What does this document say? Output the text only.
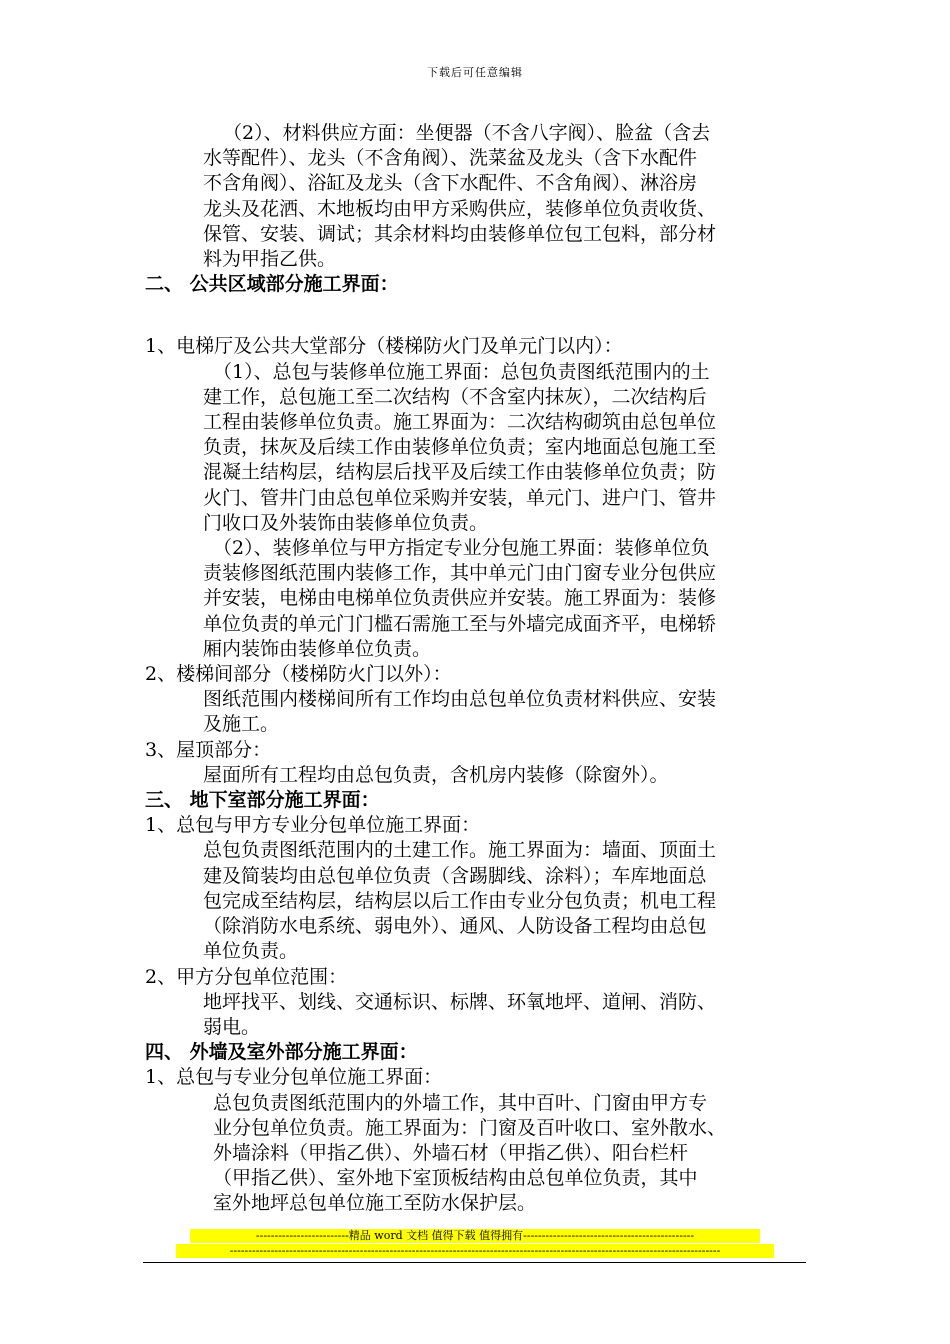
下载后可任意编辑

（2）、材料供应方面：坐便器（不含八字阀）、脸盆（含去

水等配件）、龙头（不含角阀）、洗菜盆及龙头（含下水配件

不含角阀）、浴缸及龙头（含下水配件、不含角阀）、淋浴房

龙头及花洒、木地板均由甲方采购供应，装修单位负责收货、

保管、安装、调试；其余材料均由装修单位包工包料，部分材

料为甲指乙供。

二、 公共区域部分施工界面：

1、电梯厅及公共大堂部分（楼梯防火门及单元门以内）：

（1）、总包与装修单位施工界面：总包负责图纸范围内的土

建工作，总包施工至二次结构（不含室内抹灰），二次结构后

工程由装修单位负责。施工界面为：二次结构砌筑由总包单位

负责，抹灰及后续工作由装修单位负责；室内地面总包施工至

混凝土结构层，结构层后找平及后续工作由装修单位负责；防

火门、管井门由总包单位采购并安装，单元门、进户门、管井

门收口及外装饰由装修单位负责。

（2）、装修单位与甲方指定专业分包施工界面：装修单位负

责装修图纸范围内装修工作，其中单元门由门窗专业分包供应

并安装，电梯由电梯单位负责供应并安装。施工界面为：装修

单位负责的单元门门槛石需施工至与外墙完成面齐平，电梯轿

厢内装饰由装修单位负责。

2、楼梯间部分（楼梯防火门以外）：

图纸范围内楼梯间所有工作均由总包单位负责材料供应、安装

及施工。

3、屋顶部分：

屋面所有工程均由总包负责，含机房内装修（除窗外）。

三、 地下室部分施工界面：

1、总包与甲方专业分包单位施工界面：

总包负责图纸范围内的土建工作。施工界面为：墙面、顶面土

建及简装均由总包单位负责（含踢脚线、涂料）；车库地面总

包完成至结构层，结构层以后工作由专业分包负责；机电工程

（除消防水电系统、弱电外）、通风、人防设备工程均由总包

单位负责。

2、甲方分包单位范围：

地坪找平、划线、交通标识、标牌、环氧地坪、道闸、消防、

弱电。

四、 外墙及室外部分施工界面：

1、总包与专业分包单位施工界面：

总包负责图纸范围内的外墙工作，其中百叶、门窗由甲方专

业分包单位负责。施工界面为：门窗及百叶收口、室外散水、

外墙涂料（甲指乙供）、外墙石材（甲指乙供）、阳台栏杆

（甲指乙供）、室外地下室顶板结构由总包单位负责，其中

室外地坪总包单位施工至防水保护层。

-------------------------精品 word 文档 值得下载 值得拥有----------------------------------------------
------------------------------------------------------------------------------------------------------------------------------------
